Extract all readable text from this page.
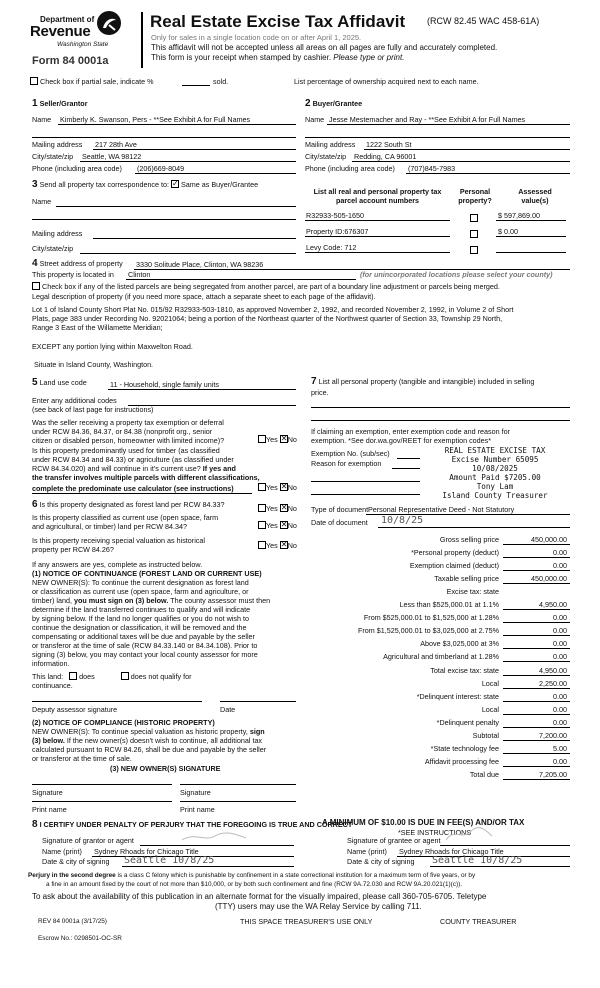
Department of
Revenue
Washington State
Form 84 0001a
Real Estate Excise Tax Affidavit (RCW 82.45 WAC 458-61A)
Only for sales in a single location code on or after April 1, 2025.
This affidavit will not be accepted unless all areas on all pages are fully and accurately completed.
This form is your receipt when stamped by cashier. Please type or print.
Check box if partial sale, indicate %	sold.	List percentage of ownership acquired next to each name.
1 Seller/Grantor
Name Kimberly K. Swanson, Pers - **See Exhibit A for Full Names
Mailing address 217 28th Ave
City/state/zip Seattle, WA 98122
Phone (including area code) (206)669-8049
2 Buyer/Grantee
Name Jesse Mestemacher and Ray - **See Exhibit A for Full Names
Mailing address 1222 South St
City/state/zip Redding, CA 96001
Phone (including area code) (707)845-7983
3 Send all property tax correspondence to: ✓ Same as Buyer/Grantee
Name
Mailing address
City/state/zip
List all real and personal property tax
parcel account numbers
Personal
property?
Assessed
value(s)
R32933-505-1650	$ 597,869.00
Property ID:676307	$ 0.00
Levy Code: 712
4 Street address of property 3330 Solitude Place, Clinton, WA 98236
This property is located in Clinton	(for unincorporated locations please select your county)
Check box if any of the listed parcels are being segregated from another parcel, are part of a boundary line adjustment or parcels being merged.
Legal description of property (if you need more space, attach a separate sheet to each page of the affidavit).
Lot 1 of Island County Short Plat No. 015/92 R32933-503-1810, as approved November 2, 1992, and recorded November 2, 1992, in Volume 2 of Short
Plats, page 383 under Recording No. 92021064; being a portion of the Northeast quarter of the Northwest quarter of Section 33, Township 29 North,
Range 3 East of the Willamette Meridian;
EXCEPT any portion lying within Maxwelton Road.
Situate in Island County, Washington.
5 Land use code	11 - Household, single family units
Enter any additional codes
(see back of last page for instructions)
Was the seller receiving a property tax exemption or deferral
under RCW 84.36, 84.37, or 84.38 (nonprofit org., senior
citizen or disabled person, homeowner with limited income)?	Yes ✕ No
Is this property predominantly used for timber (as classified
under RCW 84.34 and 84.33) or agriculture (as classified under
RCW 84.34.020) and will continue in it's current use? If yes and
the transfer involves multiple parcels with different classifications,
complete the predominate use calculator (see instructions)	Yes ✕ No
6 Is this property designated as forest land per RCW 84.33?	Yes ✕ No
Is this property classified as current use (open space, farm
and agricultural, or timber) land per RCW 84.34?	Yes ✕ No
Is this property receiving special valuation as historical
property per RCW 84.26?	Yes ✕ No
If any answers are yes, complete as instructed below.
(1) NOTICE OF CONTINUANCE (FOREST LAND OR CURRENT USE)
NEW OWNER(S): To continue the current designation as forest land
or classification as current use (open space, farm and agriculture, or
timber) land, you must sign on (3) below. The county assessor must then
determine if the land transferred continues to qualify and will indicate
by signing below. If the land no longer qualifies or you do not wish to
continue the designation or classification, it will be removed and the
compensating or additional taxes will be due and payable by the seller
or transferor at the time of sale (RCW 84.33.140 or 84.34.108). Prior to
signing (3) below, you may contact your local county assessor for more
information.
This land: does	does not qualify for
continuance.
Deputy assessor signature	Date
(2) NOTICE OF COMPLIANCE (HISTORIC PROPERTY)
NEW OWNER(S): To continue special valuation as historic property, sign
(3) below. If the new owner(s) doesn't wish to continue, all additional tax
calculated pursuant to RCW 84.26, shall be due and payable by the seller
or transferor at the time of sale.
(3) NEW OWNER(S) SIGNATURE
Signature	Signature
Print name	Print name
7 List all personal property (tangible and intangible) included in selling
price.
If claiming an exemption, enter exemption code and reason for
exemption. *See dor.wa.gov/REET for exemption codes*
Exemption No. (sub/sec)
Reason for exemption
REAL ESTATE EXCISE TAX
Excise Number 65095
10/08/2025
Amount Paid $7205.00
Tony Lam
Island County Treasurer
Type of document Personal Representative Deed - Not Statutory
Date of document 10/8/25
Gross selling price	450,000.00
*Personal property (deduct)	0.00
Exemption claimed (deduct)	0.00
Taxable selling price	450,000.00
Excise tax: state
Less than $525,000.01 at 1.1%	4,950.00
From $525,000.01 to $1,525,000 at 1.28%	0.00
From $1,525,000.01 to $3,025,000 at 2.75%	0.00
Above $3,025,000 at 3%	0.00
Agricultural and timberland at 1.28%	0.00
Total excise tax: state	4,950.00
Local	2,250.00
*Delinquent interest: state	0.00
Local	0.00
*Delinquent penalty	0.00
Subtotal	7,200.00
*State technology fee	5.00
Affidavit processing fee	0.00
Total due	7,205.00
A MINIMUM OF $10.00 IS DUE IN FEE(S) AND/OR TAX
*SEE INSTRUCTIONS
8 I CERTIFY UNDER PENALTY OF PERJURY THAT THE FOREGOING IS TRUE AND CORRECT
Signature of grantor or agent
Name (print) Sydney Rhoads for Chicago Title
Date & city of signing Seattle 10/8/25
Signature of grantee or agent
Name (print) Sydney Rhoads for Chicago Title
Date & city of signing Seattle 10/8/25
Perjury in the second degree is a class C felony which is punishable by confinement in a state correctional institution for a maximum term of five years, or by
a fine in an amount fixed by the court of not more than $10,000, or by both such confinement and fine (RCW 9A.72.030 and RCW 9A.20.021(1)(c)).
To ask about the availability of this publication in an alternate format for the visually impaired, please call 360-705-6705. Teletype
(TTY) users may use the WA Relay Service by calling 711.
REV 84 0001a (3/17/25)	THIS SPACE TREASURER'S USE ONLY	COUNTY TREASURER
Escrow No.: 0298501-OC-SR
